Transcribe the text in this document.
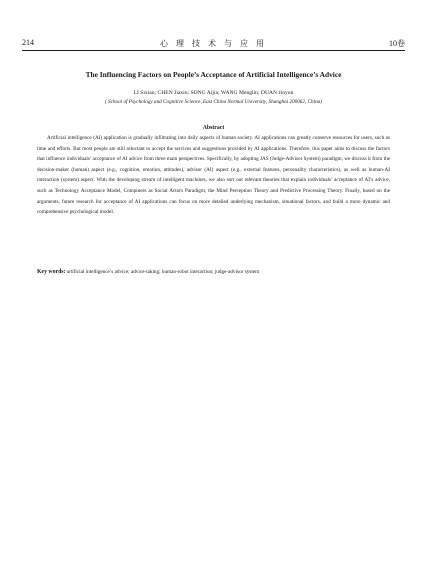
214	心 理 技 术 与 应 用	10卷
The Influencing Factors on People’s Acceptance of Artificial Intelligence’s Advice
LI Sixian; CHEN Jiaxin; SONG Aijia; WANG Menglin; DUAN Jinyun
( School of Psychology and Cognitive Science, East China Normal University, Shanghai 200062, China)
Abstract
Artificial intelligence (AI) application is gradually infiltrating into daily aspects of human society. AI applications can greatly conserve resources for users, such as time and efforts. But most people are still reluctant to accept the services and suggestions provided by AI applications. Therefore, this paper aims to discuss the factors that influence individuals’ acceptance of AI advice from three main perspectives. Specifically, by adopting JAS (Judge-Advisor System) paradigm, we discuss it from the decision-maker (human) aspect (e.g., cognition, emotion, attitudes), advisor (AI) aspect (e.g., external features, personality characteristics), as well as human-AI interaction (system) aspect. With the developing stream of intelligent machines, we also sort out relevant theories that explain individuals’ acceptance of AI’s advice, such as Technology Acceptance Model, Computers as Social Actors Paradigm, the Mind Perception Theory and Predictive Processing Theory. Finally, based on the arguments, future research for acceptance of AI applications can focus on more detailed underlying mechanism, situational factors, and build a more dynamic and comprehensive psychological model.
Key words: artificial intelligence’s advice; advice-taking; human-robot interaction; judge-advisor system
